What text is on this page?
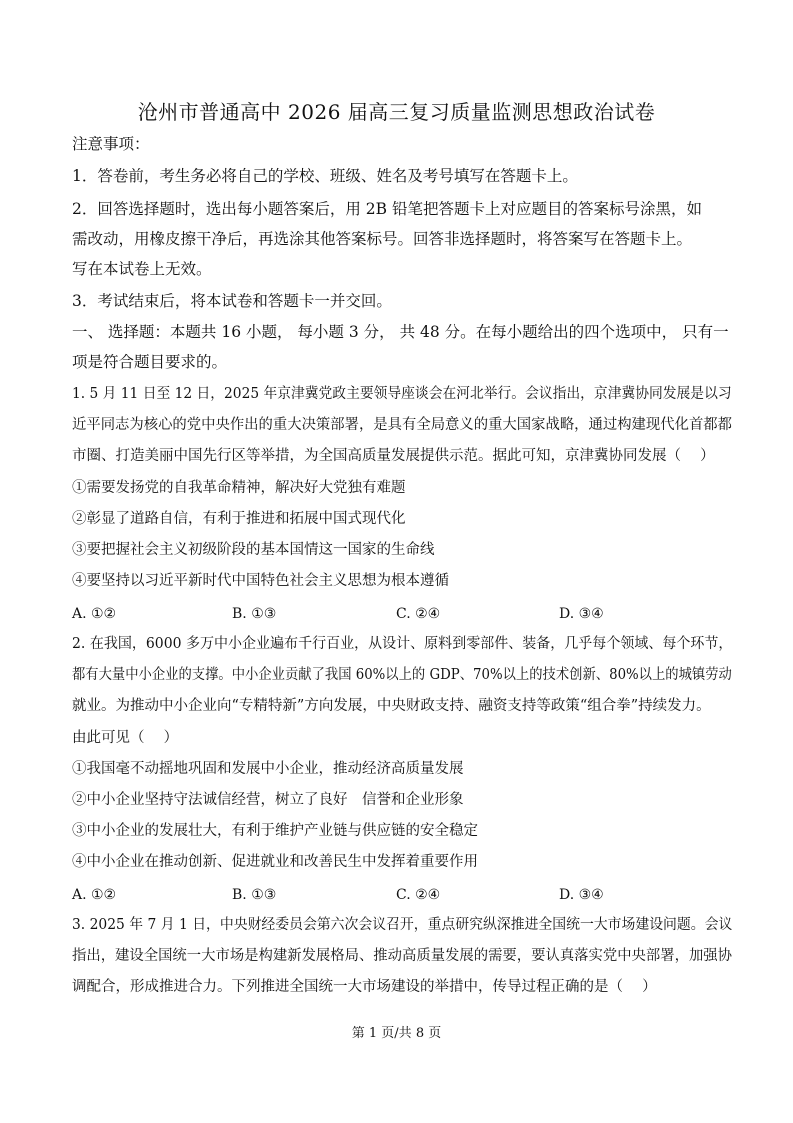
沧州市普通高中 2026 届高三复习质量监测思想政治试卷
注意事项：
1．答卷前，考生务必将自己的学校、班级、姓名及考号填写在答题卡上。
2．回答选择题时，选出每小题答案后，用 2B 铅笔把答题卡上对应题目的答案标号涂黑，如
需改动，用橡皮擦干净后，再选涂其他答案标号。回答非选择题时，将答案写在答题卡上。
写在本试卷上无效。
3．考试结束后，将本试卷和答题卡一并交回。
一、 选择题：本题共 16 小题， 每小题 3 分， 共 48 分。在每小题给出的四个选项中， 只有一
项是符合题目要求的。
1. 5 月 11 日至 12 日，2025 年京津冀党政主要领导座谈会在河北举行。会议指出，京津冀协同发展是以习
近平同志为核心的党中央作出的重大决策部署，是具有全局意义的重大国家战略，通过构建现代化首都都
市圈、打造美丽中国先行区等举措，为全国高质量发展提供示范。据此可知，京津冀协同发展（　 ）
①需要发扬党的自我革命精神，解决好大党独有难题
②彰显了道路自信，有利于推进和拓展中国式现代化
③要把握社会主义初级阶段的基本国情这一国家的生命线
④要坚持以习近平新时代中国特色社会主义思想为根本遵循
A. ①②	B. ①③	C. ②④	D. ③④
2. 在我国，6000 多万中小企业遍布千行百业，从设计、原料到零部件、装备，几乎每个领域、每个环节，
都有大量中小企业的支撑。中小企业贡献了我国 60%以上的 GDP、70%以上的技术创新、80%以上的城镇劳动
就业。为推动中小企业向“专精特新”方向发展，中央财政支持、融资支持等政策“组合拳”持续发力。
由此可见（　 ）
①我国毫不动摇地巩固和发展中小企业，推动经济高质量发展
②中小企业坚持守法诚信经营，树立了良好　信誉和企业形象
③中小企业的发展壮大，有利于维护产业链与供应链的安全稳定
④中小企业在推动创新、促进就业和改善民生中发挥着重要作用
A. ①②	B. ①③	C. ②④	D. ③④
3. 2025 年 7 月 1 日，中央财经委员会第六次会议召开，重点研究纵深推进全国统一大市场建设问题。会议
指出，建设全国统一大市场是构建新发展格局、推动高质量发展的需要，要认真落实党中央部署，加强协
调配合，形成推进合力。下列推进全国统一大市场建设的举措中，传导过程正确的是（　 ）
第 1 页/共 8 页
